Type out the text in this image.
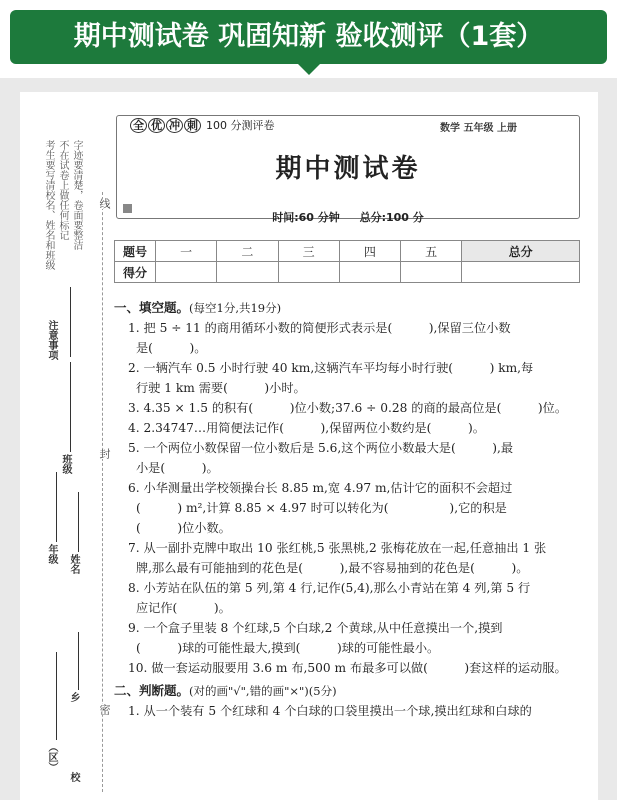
期中测试卷 巩固知新 验收测评（1套）
考生要写清校名、姓名和班级 不在试卷上做任何标记 字迹要清楚，卷面要整洁
注意事项
班级
年级 姓名
乡
（区）
校
线
封
密
全 优 冲 刺 100 分测评卷	数学 五年级 上册
期中测试卷
时间:60 分钟 总分:100 分
题号	一	二	三	四	五	总分
得分						
一、填空题。(每空1分,共19分)
1. 把 5 ÷ 11 的商用循环小数的简便形式表示是(　　　),保留三位小数
是(　　　)。
2. 一辆汽车 0.5 小时行驶 40 km,这辆汽车平均每小时行驶(　　　) km,每
行驶 1 km 需要(　　　)小时。
3. 4.35 × 1.5 的积有(　　　)位小数;37.6 ÷ 0.28 的商的最高位是(　　　)位。
4. 2.34747…用简便法记作(　　　),保留两位小数约是(　　　)。
5. 一个两位小数保留一位小数后是 5.6,这个两位小数最大是(　　　),最
小是(　　　)。
6. 小华测量出学校领操台长 8.85 m,宽 4.97 m,估计它的面积不会超过
(　　　) m²,计算 8.85 × 4.97 时可以转化为(　　　　　),它的积是
(　　　)位小数。
7. 从一副扑克牌中取出 10 张红桃,5 张黑桃,2 张梅花放在一起,任意抽出 1 张
牌,那么最有可能抽到的花色是(　　　),最不容易抽到的花色是(　　　)。
8. 小芳站在队伍的第 5 列,第 4 行,记作(5,4),那么小青站在第 4 列,第 5 行
应记作(　　　)。
9. 一个盒子里装 8 个红球,5 个白球,2 个黄球,从中任意摸出一个,摸到
(　　　)球的可能性最大,摸到(　　　)球的可能性最小。
10. 做一套运动服要用 3.6 m 布,500 m 布最多可以做(　　　)套这样的运动服。
二、判断题。(对的画"√",错的画"×")(5分)
1. 从一个装有 5 个红球和 4 个白球的口袋里摸出一个球,摸出红球和白球的
